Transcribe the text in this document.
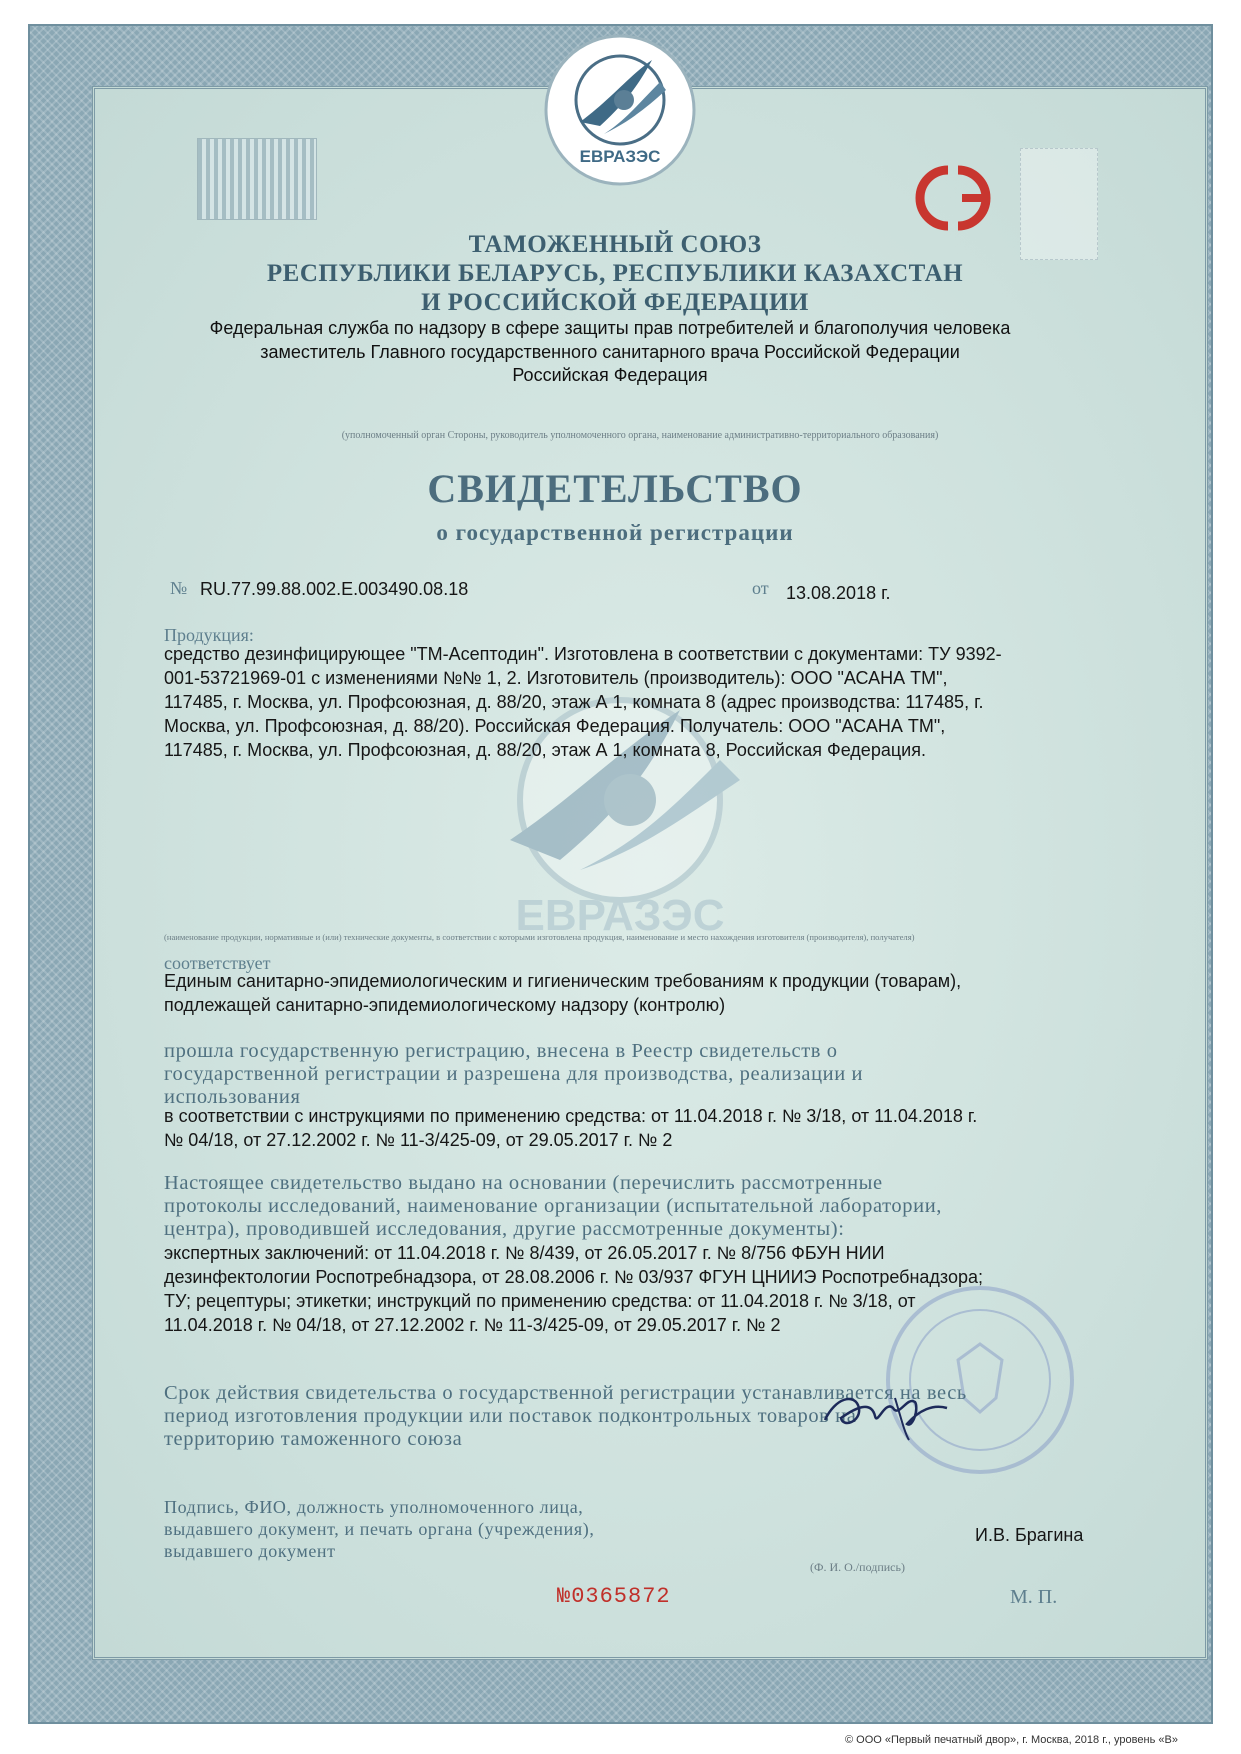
ЕВРАЗЭС
ЕВРАЗЭС
ТАМОЖЕННЫЙ СОЮЗ
РЕСПУБЛИКИ БЕЛАРУСЬ, РЕСПУБЛИКИ КАЗАХСТАН
И РОССИЙСКОЙ ФЕДЕРАЦИИ

Федеральная служба по надзору в сфере защиты прав потребителей и благополучия человека

заместитель Главного государственного санитарного врача Российской Федерации

Российская Федерация

(уполномоченный орган Стороны, руководитель уполномоченного органа, наименование административно-территориального образования)

СВИДЕТЕЛЬСТВО

о государственной регистрации

№ RU.77.99.88.002.Е.003490.08.18	от 13.08.2018 г.

Продукция:

средство дезинфицирующее "ТМ-Асептодин". Изготовлена в соответствии с документами: ТУ 9392-

001-53721969-01 с изменениями №№ 1, 2. Изготовитель (производитель): ООО "АСАНА ТМ",

117485, г. Москва, ул. Профсоюзная, д. 88/20, этаж А 1, комната 8 (адрес производства: 117485, г.

Москва, ул. Профсоюзная, д. 88/20). Российская Федерация. Получатель: ООО "АСАНА ТМ",

117485, г. Москва, ул. Профсоюзная, д. 88/20, этаж А 1, комната 8, Российская Федерация.

(наименование продукции, нормативные и (или) технические документы, в соответствии с которыми изготовлена продукция, наименование и место нахождения изготовителя (производителя), получателя)

соответствует

Единым санитарно-эпидемиологическим и гигиеническим требованиям к продукции (товарам),

подлежащей санитарно-эпидемиологическому надзору (контролю)

прошла государственную регистрацию, внесена в Реестр свидетельств о

государственной регистрации и разрешена для производства, реализации и

использования

в соответствии с инструкциями по применению средства: от 11.04.2018 г. № 3/18, от 11.04.2018 г.

№ 04/18, от 27.12.2002 г. № 11-3/425-09, от 29.05.2017 г. № 2

Настоящее свидетельство выдано на основании (перечислить рассмотренные

протоколы исследований, наименование организации (испытательной лаборатории,

центра), проводившей исследования, другие рассмотренные документы):

экспертных заключений: от 11.04.2018 г. № 8/439, от 26.05.2017 г. № 8/756 ФБУН НИИ

дезинфектологии Роспотребнадзора, от 28.08.2006 г. № 03/937 ФГУН ЦНИИЭ Роспотребнадзора;

ТУ; рецептуры; этикетки; инструкций по применению средства: от 11.04.2018 г. № 3/18, от

11.04.2018 г. № 04/18, от 27.12.2002 г. № 11-3/425-09, от 29.05.2017 г. № 2

Срок действия свидетельства о государственной регистрации устанавливается на весь

период изготовления продукции или поставок подконтрольных товаров на

территорию таможенного союза

Подпись, ФИО, должность уполномоченного лица,

выдавшего документ, и печать органа (учреждения),

выдавшего документ

И.В. Брагина

(Ф. И. О./подпись)

№0365872	М. П.

© ООО «Первый печатный двор», г. Москва, 2018 г., уровень «В»
